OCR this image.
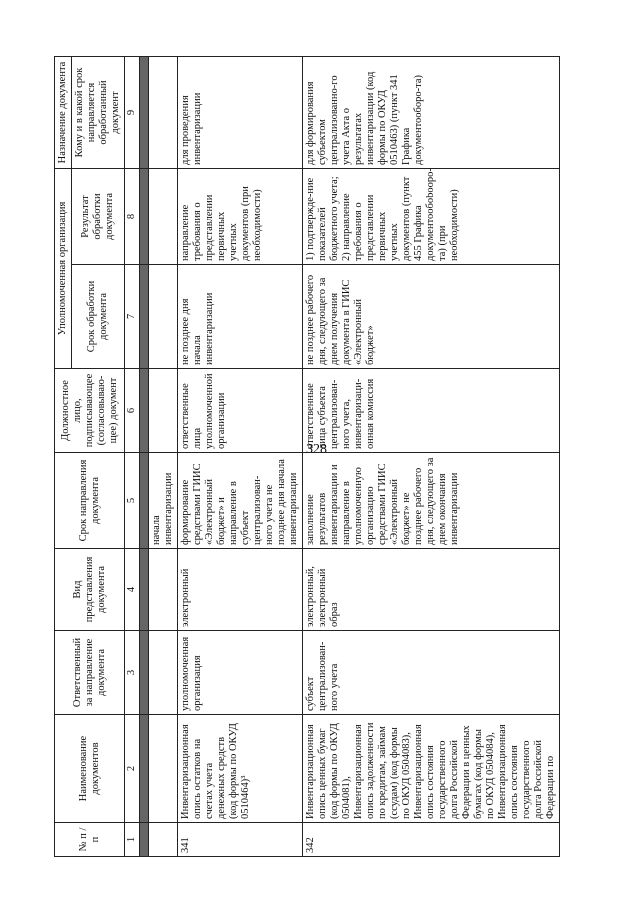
328
№ п / п	Наименование документов	Ответственный за направление документа	Вид представления документа	Срок направления документа	Должностное лицо, подписывающее (согласовываю-щее) документ	Уполномоченная организация		Назначение документа
						Срок обработки документа	Результат обработки документа	Кому и в какой срок направляется обработанный документ
1	2	3	4	5	6	7	8	9

				начала инвентаризации				
341	Инвентаризационная опись остатков на счетах учета денежных средств (код формы по ОКУД 0510464)³	уполномоченная организация	электронный	формирование средствами ГИИС «Электронный бюджет» и направление в субъект централизован-ного учета не позднее дня начала инвентаризации	ответственные лица уполномоченной организации	не позднее дня начала инвентаризации	направление требования о представлении первичных учетных документов (при необходимости)	для проведения инвентаризации
342	Инвентаризационная опись ценных бумаг (код формы по ОКУД 0504081), Инвентаризационная опись задолженности по кредитам, займам (ссудам) (код формы по ОКУД 0504083), Инвентаризационная опись состояния государственного долга Российской Федерации в ценных бумагах (код формы по ОКУД 0504084), Инвентаризационная опись состояния государственного долга Российской Федерации по	субъект централизован-ного учета	электронный, электронный образ	заполнение результатов инвентаризации и направление в уполномоченную организацию средствами ГИИС «Электронный бюджет» не позднее рабочего дня, следующего за днем окончания инвентаризации	ответственные лица субъекта централизован-ного учета, инвентаризаци-онная комиссия	не позднее рабочего дня, следующего за днем получения документа в ГИИС «Электронный бюджет»	1) подтвержде-ние показателей бюджетного учета; 2) направление требования о представлении первичных учетных документов (пункт 455 Графика документообоbooро-та) (при необходимости)	для формирования субъектом централизованно-го учета Акта о результатах инвентаризации (код формы по ОКУД 0510463) (пункт 341 Графика документооборо-та)
